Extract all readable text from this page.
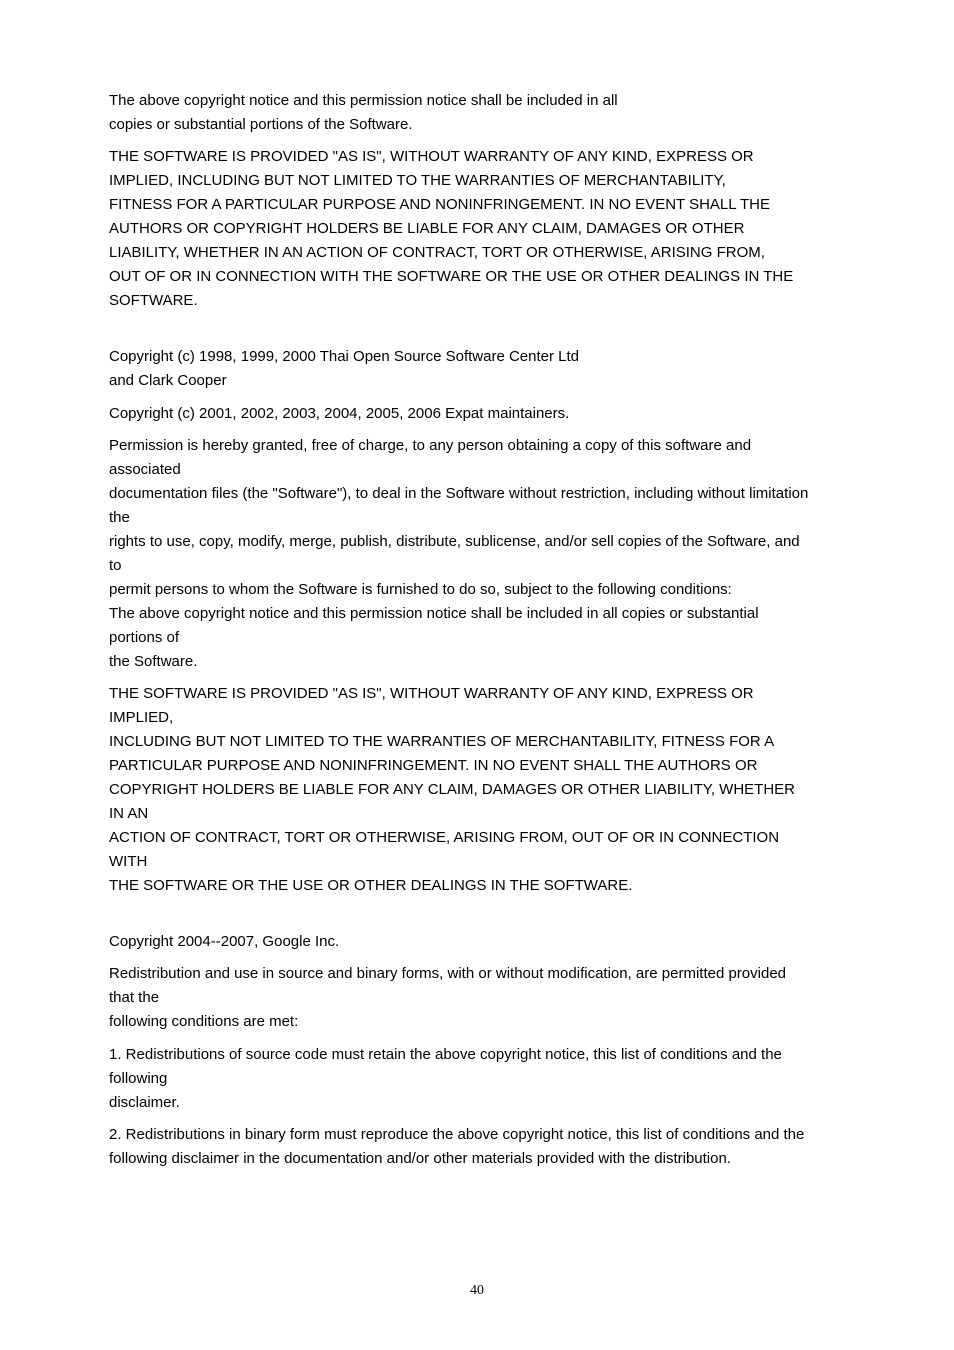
The above copyright notice and this permission notice shall be included in all
copies or substantial portions of the Software.
THE SOFTWARE IS PROVIDED "AS IS", WITHOUT WARRANTY OF ANY KIND, EXPRESS OR
IMPLIED, INCLUDING BUT NOT LIMITED TO THE WARRANTIES OF MERCHANTABILITY,
FITNESS FOR A PARTICULAR PURPOSE AND NONINFRINGEMENT. IN NO EVENT SHALL THE
AUTHORS OR COPYRIGHT HOLDERS BE LIABLE FOR ANY CLAIM, DAMAGES OR OTHER
LIABILITY, WHETHER IN AN ACTION OF CONTRACT, TORT OR OTHERWISE, ARISING FROM,
OUT OF OR IN CONNECTION WITH THE SOFTWARE OR THE USE OR OTHER DEALINGS IN THE
SOFTWARE.
Copyright (c) 1998, 1999, 2000 Thai Open Source Software Center Ltd
and Clark Cooper
Copyright (c) 2001, 2002, 2003, 2004, 2005, 2006 Expat maintainers.
Permission is hereby granted, free of charge, to any person obtaining a copy of this software and
associated
documentation files (the "Software"), to deal in the Software without restriction, including without limitation
the
rights to use, copy, modify, merge, publish, distribute, sublicense, and/or sell copies of the Software, and
to
permit persons to whom the Software is furnished to do so, subject to the following conditions:
The above copyright notice and this permission notice shall be included in all copies or substantial
portions of
the Software.
THE SOFTWARE IS PROVIDED "AS IS", WITHOUT WARRANTY OF ANY KIND, EXPRESS OR
IMPLIED,
INCLUDING BUT NOT LIMITED TO THE WARRANTIES OF MERCHANTABILITY, FITNESS FOR A
PARTICULAR PURPOSE AND NONINFRINGEMENT. IN NO EVENT SHALL THE AUTHORS OR
COPYRIGHT HOLDERS BE LIABLE FOR ANY CLAIM, DAMAGES OR OTHER LIABILITY, WHETHER
IN AN
ACTION OF CONTRACT, TORT OR OTHERWISE, ARISING FROM, OUT OF OR IN CONNECTION
WITH
THE SOFTWARE OR THE USE OR OTHER DEALINGS IN THE SOFTWARE.
Copyright 2004--2007, Google Inc.
Redistribution and use in source and binary forms, with or without modification, are permitted provided
that the
following conditions are met:
1. Redistributions of source code must retain the above copyright notice, this list of conditions and the
following
disclaimer.
2. Redistributions in binary form must reproduce the above copyright notice, this list of conditions and the
following disclaimer in the documentation and/or other materials provided with the distribution.
40
